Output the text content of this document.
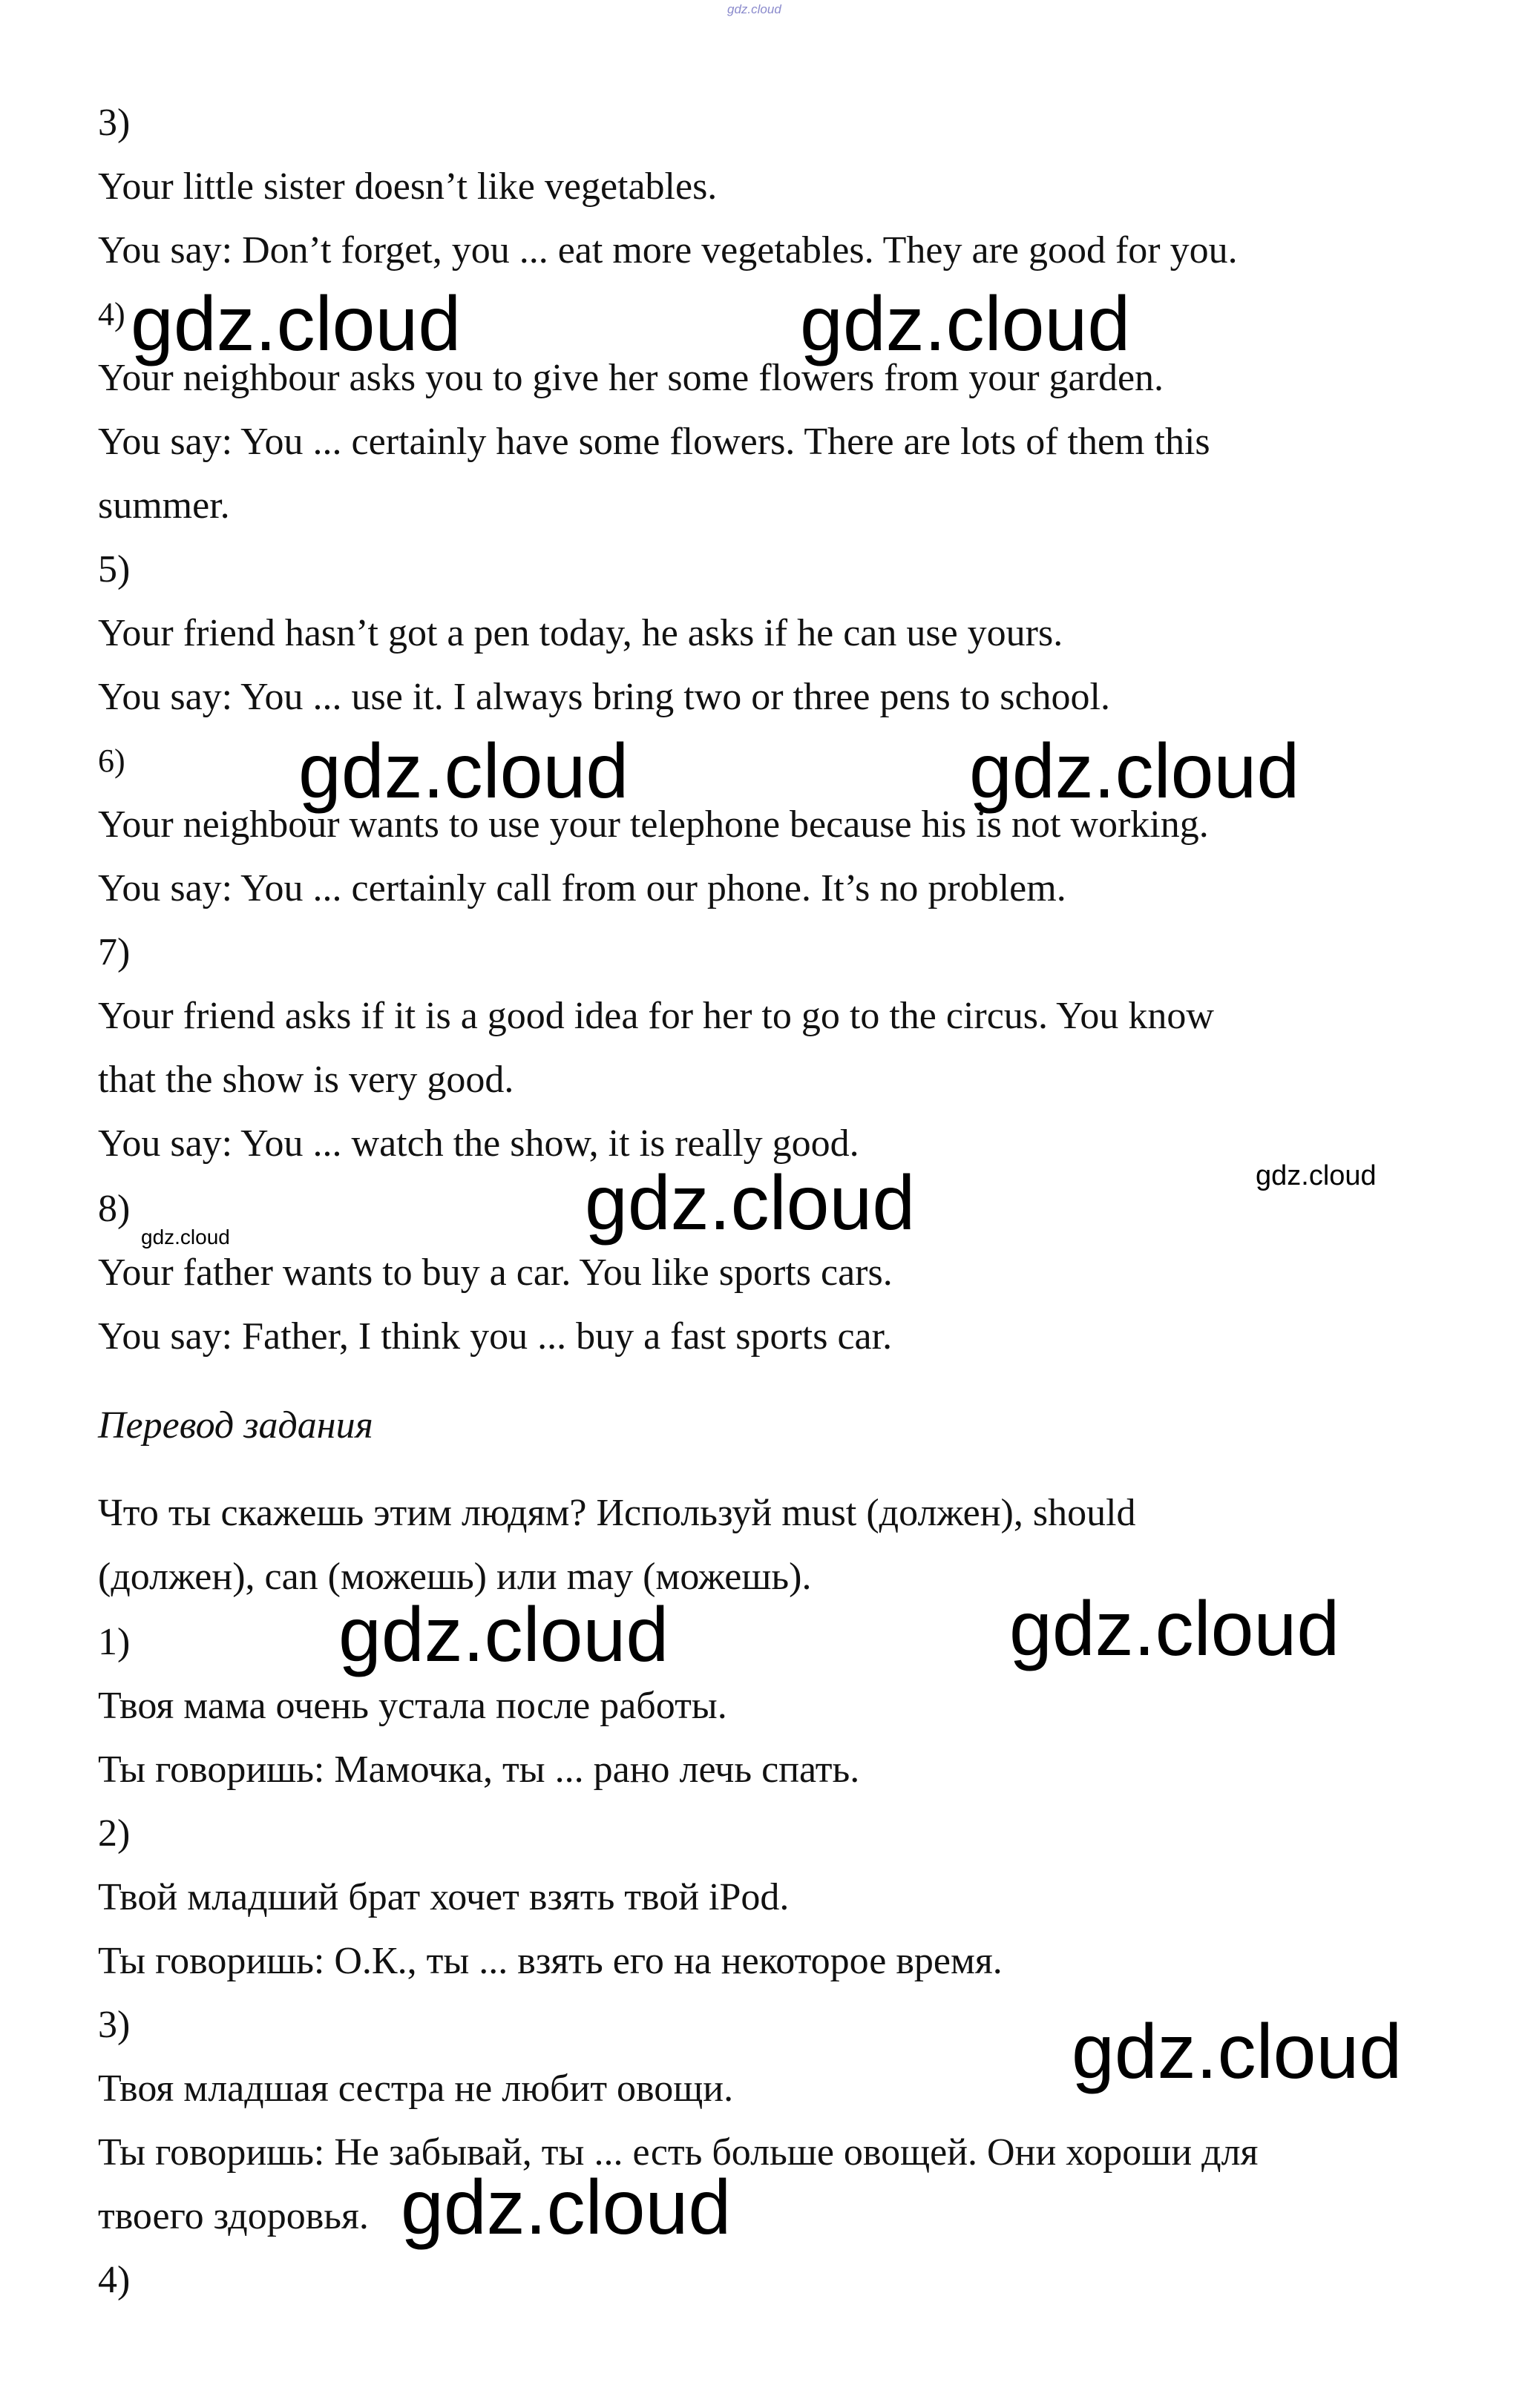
gdz.cloud

3)

Your little sister doesn’t like vegetables.

You say: Don’t forget, you ... eat more vegetables. They are good for you.

4)

Your neighbour asks you to give her some flowers from your garden.

You say: You ... certainly have some flowers. There are lots of them this

summer.

5)

Your friend hasn’t got a pen today, he asks if he can use yours.

You say: You ... use it. I always bring two or three pens to school.

6)

Your neighbour wants to use your telephone because his is not working.

You say: You ... certainly call from our phone. It’s no problem.

7)

Your friend asks if it is a good idea for her to go to the circus. You know

that the show is very good.

You say: You ... watch the show, it is really good.

8)

Your father wants to buy a car. You like sports cars.

You say: Father, I think you ... buy a fast sports car.

Перевод задания

Что ты скажешь этим людям? Используй must (должен), should

(должен), can (можешь) или may (можешь).

1)

Твоя мама очень устала после работы.

Ты говоришь: Мамочка, ты ... рано лечь спать.

2)

Твой младший брат хочет взять твой iPod.

Ты говоришь: О.К., ты ... взять его на некоторое время.

3)

Твоя младшая сестра не любит овощи.

Ты говоришь: Не забывай, ты ... есть больше овощей. Они хороши для

твоего здоровья.

4)

gdz.cloud	gdz.cloud
gdz.cloud	gdz.cloud
gdz.cloud
gdz.cloud
gdz.cloud
gdz.cloud	gdz.cloud
gdz.cloud
gdz.cloud
